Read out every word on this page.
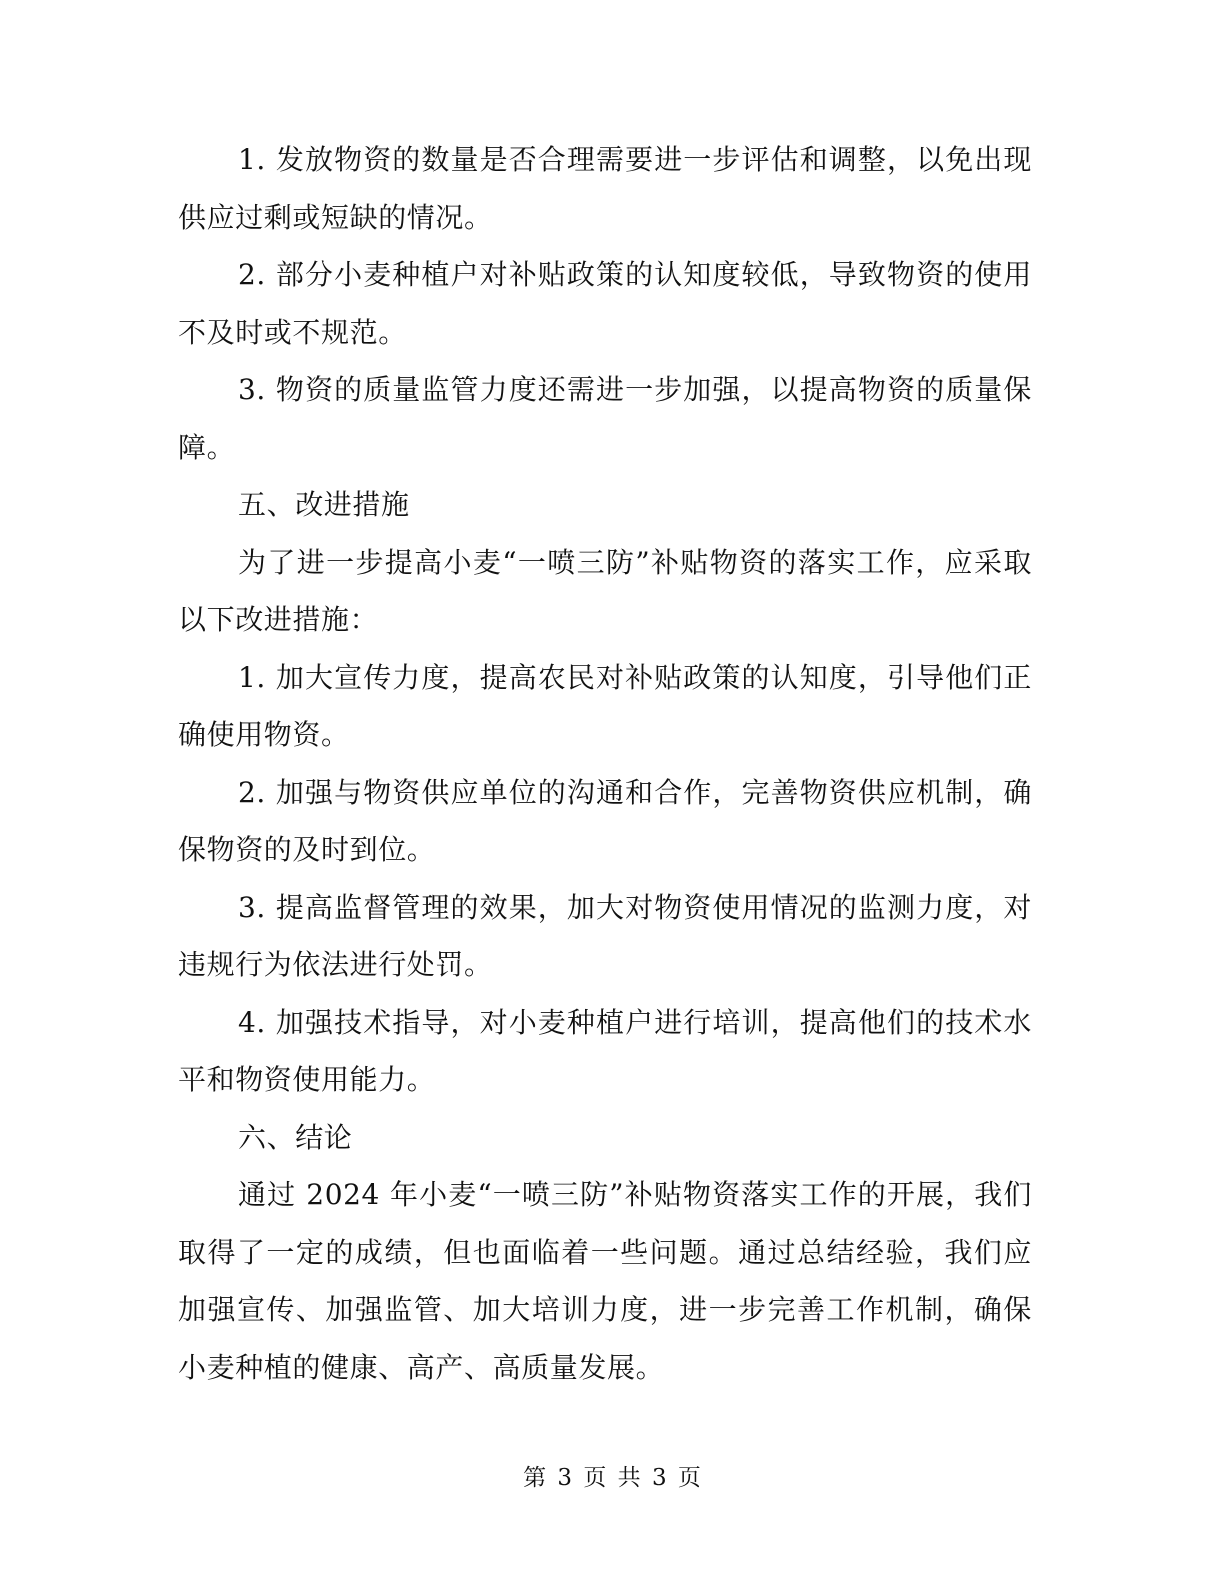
1. 发放物资的数量是否合理需要进一步评估和调整，以免出现供应过剩或短缺的情况。

2. 部分小麦种植户对补贴政策的认知度较低，导致物资的使用不及时或不规范。

3. 物资的质量监管力度还需进一步加强，以提高物资的质量保障。

五、改进措施

为了进一步提高小麦“一喷三防”补贴物资的落实工作，应采取以下改进措施：

1. 加大宣传力度，提高农民对补贴政策的认知度，引导他们正确使用物资。

2. 加强与物资供应单位的沟通和合作，完善物资供应机制，确保物资的及时到位。

3. 提高监督管理的效果，加大对物资使用情况的监测力度，对违规行为依法进行处罚。

4. 加强技术指导，对小麦种植户进行培训，提高他们的技术水平和物资使用能力。

六、结论

通过 2024 年小麦“一喷三防”补贴物资落实工作的开展，我们取得了一定的成绩，但也面临着一些问题。通过总结经验，我们应加强宣传、加强监管、加大培训力度，进一步完善工作机制，确保小麦种植的健康、高产、高质量发展。

第 3 页 共 3 页
